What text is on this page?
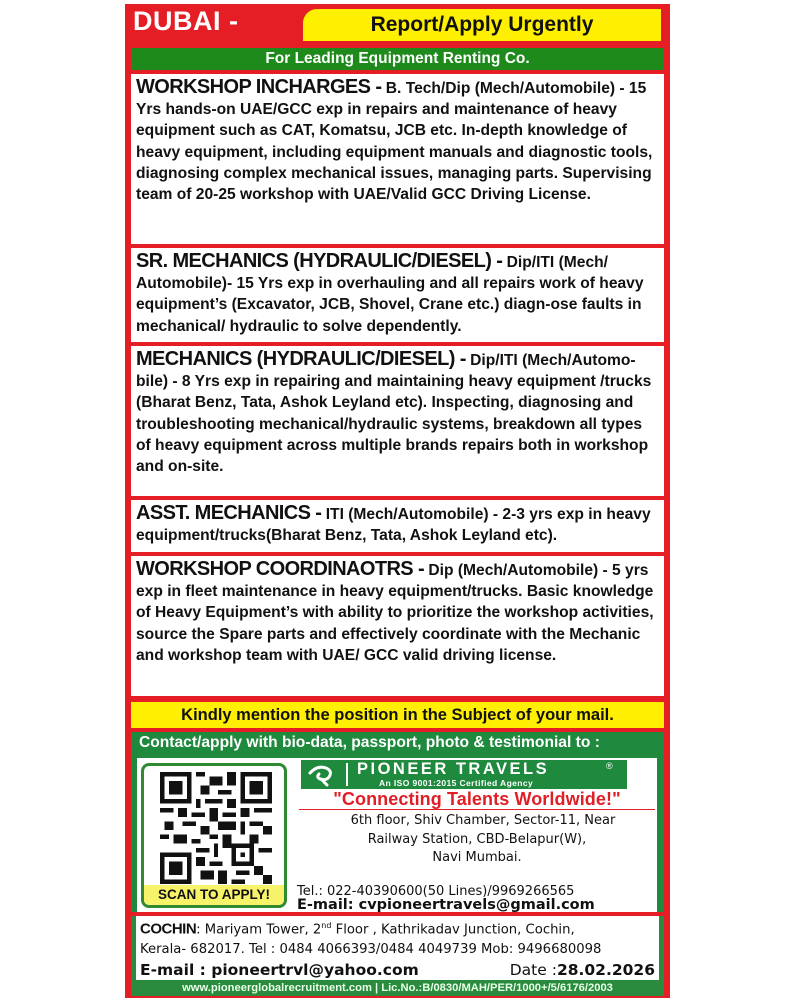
DUBAI -	Report/Apply Urgently
For Leading Equipment Renting Co.
WORKSHOP INCHARGES - B. Tech/Dip (Mech/Automobile) - 15 Yrs hands-on UAE/GCC exp in repairs and maintenance of heavy equipment such as CAT, Komatsu, JCB etc. In-depth knowledge of heavy equipment, including equipment manuals and diagnostic tools, diagnosing complex mechanical issues, managing parts. Supervising team of 20-25 workshop with UAE/Valid GCC Driving License.
SR. MECHANICS (HYDRAULIC/DIESEL) - Dip/ITI (Mech/ Automobile)- 15 Yrs exp in overhauling and all repairs work of heavy equipment’s (Excavator, JCB, Shovel, Crane etc.) diagn-ose faults in mechanical/ hydraulic to solve dependently.
MECHANICS (HYDRAULIC/DIESEL) - Dip/ITI (Mech/Automo-bile) - 8 Yrs exp in repairing and maintaining heavy equipment /trucks (Bharat Benz, Tata, Ashok Leyland etc). Inspecting, diagnosing and troubleshooting mechanical/hydraulic systems, breakdown all types of heavy equipment across multiple brands repairs both in workshop and on-site.
ASST. MECHANICS - ITI (Mech/Automobile) - 2-3 yrs exp in heavy equipment/trucks(Bharat Benz, Tata, Ashok Leyland etc).
WORKSHOP COORDINAOTRS - Dip (Mech/Automobile) - 5 yrs exp in fleet maintenance in heavy equipment/trucks. Basic knowledge of Heavy Equipment’s with ability to prioritize the workshop activities, source the Spare parts and effectively coordinate with the Mechanic and workshop team with UAE/ GCC valid driving license.
Kindly mention the position in the Subject of your mail.
Contact/apply with bio-data, passport, photo & testimonial to :
SCAN TO APPLY!
PIONEER TRAVELS	®
An ISO 9001:2015 Certified Agency
"Connecting Talents Worldwide!"
6th floor, Shiv Chamber, Sector-11, Near
Railway Station, CBD-Belapur(W),
Navi Mumbai.
Tel.: 022-40390600(50 Lines)/9969266565
E-mail: cvpioneertravels@gmail.com
COCHIN: Mariyam Tower, 2nd Floor , Kathrikadav Junction, Cochin,
Kerala- 682017. Tel : 0484 4066393/0484 4049739 Mob: 9496680098
E-mail : pioneertrvl@yahoo.com	Date :28.02.2026
www.pioneerglobalrecruitment.com | Lic.No.:B/0830/MAH/PER/1000+/5/6176/2003
